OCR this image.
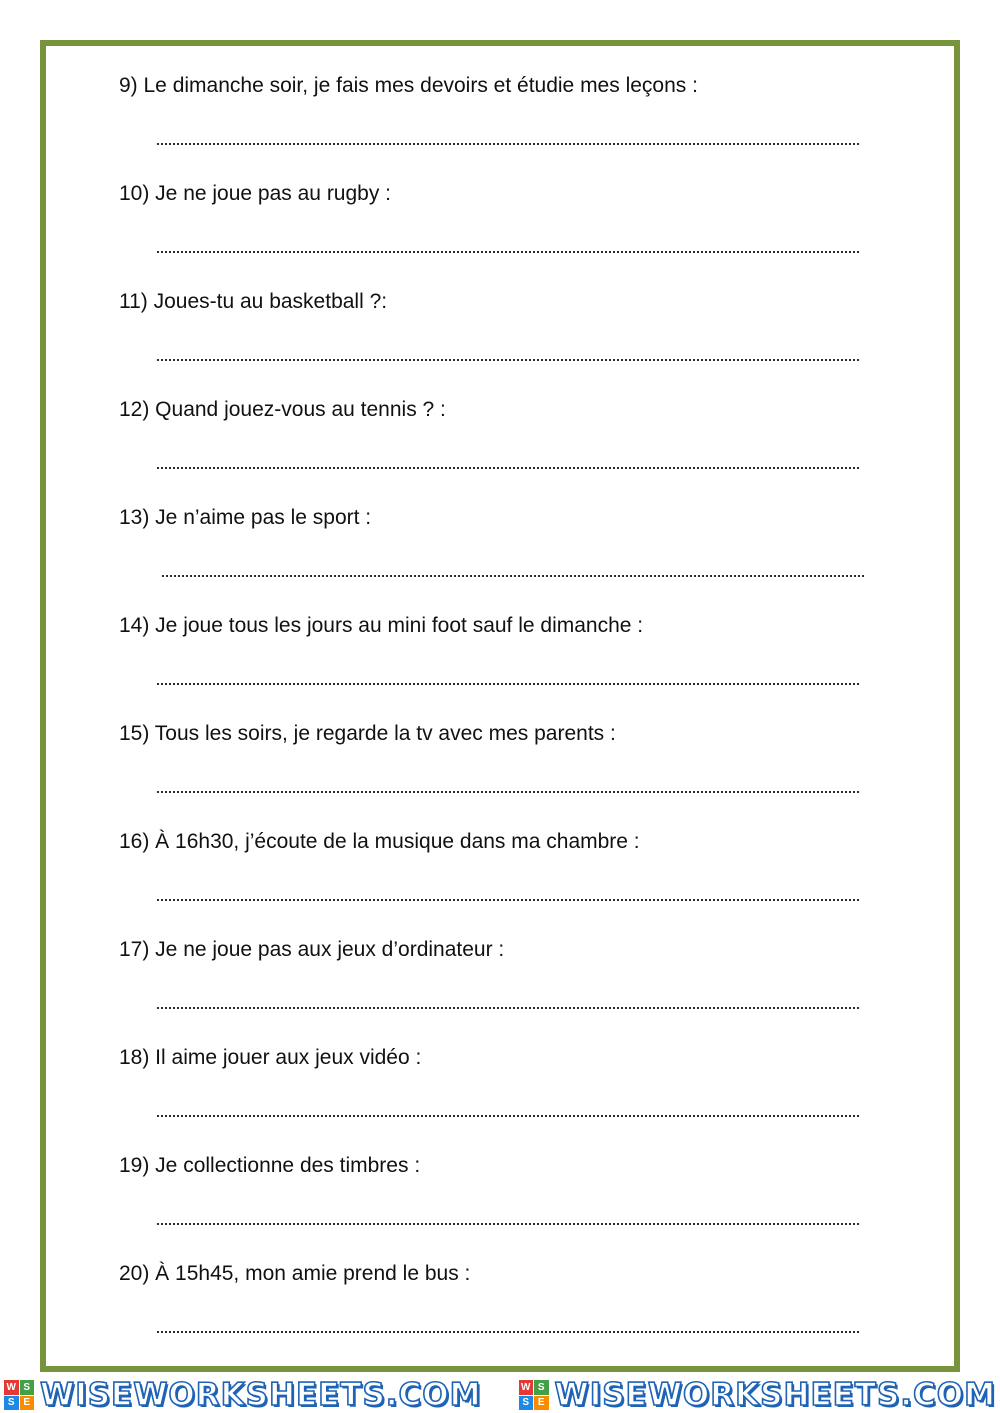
9) Le dimanche soir, je fais mes devoirs et étudie mes leçons :
10) Je ne joue pas au rugby :
11) Joues-tu au basketball ?:
12) Quand jouez-vous au tennis ? :
13) Je n’aime pas le sport :
14) Je joue tous les jours au mini foot sauf le dimanche :
15) Tous les soirs, je regarde la tv avec mes parents :
16) À 16h30, j’écoute de la musique dans ma chambre :
17) Je ne joue pas aux jeux d’ordinateur :
18) Il aime jouer aux jeux vidéo :
19) Je collectionne des timbres :
20) À 15h45, mon amie prend le bus :
W S
S E WISEWORKSHEETS.COM	W S
S E WISEWORKSHEETS.COM
